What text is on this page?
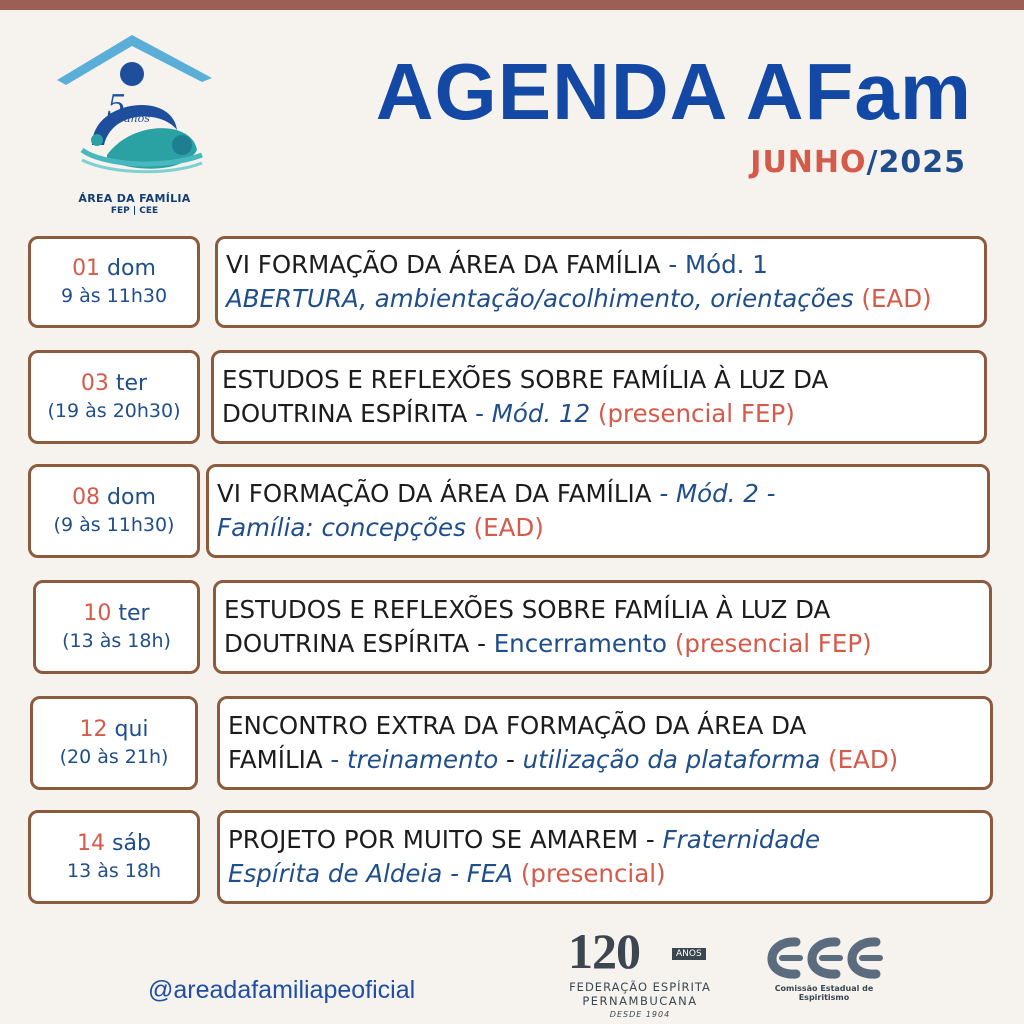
5
anos
ÁREA DA FAMÍLIA
FEP | CEE
AGENDA AFam
JUNHO/2025
01 dom
9 às 11h30
VI FORMAÇÃO DA ÁREA DA FAMÍLIA - Mód. 1
ABERTURA, ambientação/acolhimento, orientações (EAD)
03 ter
(19 às 20h30)
ESTUDOS E REFLEXÕES SOBRE FAMÍLIA À LUZ DA
DOUTRINA ESPÍRITA - Mód. 12 (presencial FEP)
08 dom
(9 às 11h30)
VI FORMAÇÃO DA ÁREA DA FAMÍLIA - Mód. 2 -
Família: concepções (EAD)
10 ter
(13 às 18h)
ESTUDOS E REFLEXÕES SOBRE FAMÍLIA À LUZ DA
DOUTRINA ESPÍRITA - Encerramento (presencial FEP)
12 qui
(20 às 21h)
ENCONTRO EXTRA DA FORMAÇÃO DA ÁREA DA
FAMÍLIA - treinamento - utilização da plataforma (EAD)
14 sáb
13 às 18h
PROJETO POR MUITO SE AMAREM - Fraternidade
Espírita de Aldeia - FEA (presencial)
@areadafamiliapeoficial
120	ANOS
FEDERAÇÃO ESPÍRITA
PERNAMBUCANA
DESDE 1904
Comissão Estadual de Espiritismo
